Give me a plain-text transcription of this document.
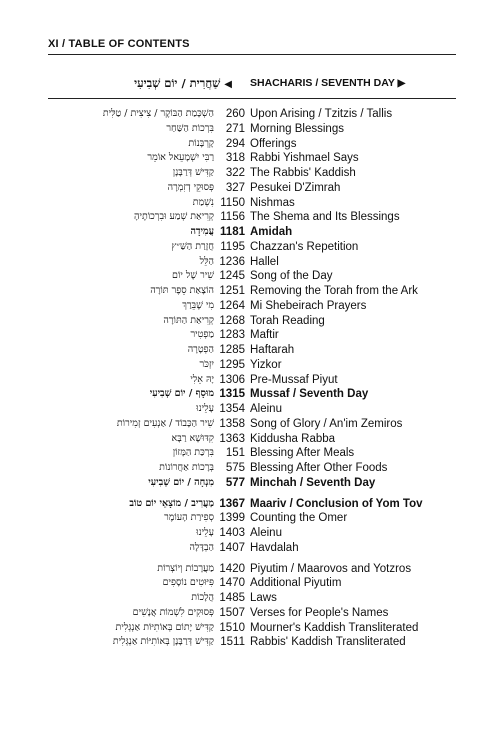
XI / TABLE OF CONTENTS
◀ שַׁחֲרִית / יוֹם שְׁבִיעִי	SHACHARIS / SEVENTH DAY ▶
הַשְׁכָּמַת הַבּוֹקֶר / צִיצִית / טַלִּית	260 Upon Arising / Tzitzis / Tallis
בִּרְכוֹת הַשַּׁחַר	271 Morning Blessings
קָרְבָּנוֹת	294 Offerings
רַבִּי יִשְׁמָעֵאל אוֹמֵר	318 Rabbi Yishmael Says
קַדִּישׁ דְּרַבָּנָן	322 The Rabbis' Kaddish
פְּסוּקֵי דְזִמְרָה	327 Pesukei D'Zimrah
נִשְׁמַת 1150 Nishmas
קְרִיאַת שְׁמַע וּבִרְכוֹתֶיהָ 1156 The Shema and Its Blessings
עֲמִידָה 1181 Amidah
חֲזָרַת הַשַּׁ״ץ 1195 Chazzan's Repetition
הַלֵּל 1236 Hallel
שִׁיר שֶׁל יוֹם 1245 Song of the Day
הוֹצָאַת סֵפֶר תּוֹרָה 1251 Removing the Torah from the Ark
מִי שֶׁבֵּרַךְ 1264 Mi Shebeirach Prayers
קְרִיאַת הַתּוֹרָה 1268 Torah Reading
מַפְטִיר 1283 Maftir
הַפְטָרָה 1285 Haftarah
יִזְכֹּר 1295 Yizkor
יָהּ אֵלִי 1306 Pre-Mussaf Piyut
מוּסָף / יוֹם שְׁבִיעִי 1315 Mussaf / Seventh Day
עָלֵינוּ 1354 Aleinu
שִׁיר הַכָּבוֹד / אַנְעִים זְמִירוֹת 1358 Song of Glory / An'im Zemiros
קִדּוּשָׁא רַבָּא 1363 Kiddusha Rabba
בִּרְכַּת הַמָּזוֹן	151 Blessing After Meals
בְּרָכוֹת אַחֲרוֹנוֹת	575 Blessing After Other Foods
מִנְחָה / יוֹם שְׁבִיעִי	577 Minchah / Seventh Day
מַעֲרִיב / מוֹצָאֵי יוֹם טוֹב 1367 Maariv / Conclusion of Yom Tov
סְפִירַת הָעוֹמֶר 1399 Counting the Omer
עָלֵינוּ 1403 Aleinu
הַבְדָּלָה 1407 Havdalah
מַעֲרָבוֹת וְיוֹצְרוֹת 1420 Piyutim / Maarovos and Yotzros
פִּיּוּטִים נוֹסָפִים 1470 Additional Piyutim
הֲלָכוֹת 1485 Laws
פְּסוּקִים לִשְׁמוֹת אֲנָשִׁים 1507 Verses for People's Names
קַדִּישׁ יָתוֹם בְּאוֹתִיּוֹת אַנְגְּלִית 1510 Mourner's Kaddish Transliterated
קַדִּישׁ דְּרַבָּנָן בְּאוֹתִיּוֹת אַנְגְּלִית 1511 Rabbis' Kaddish Transliterated
